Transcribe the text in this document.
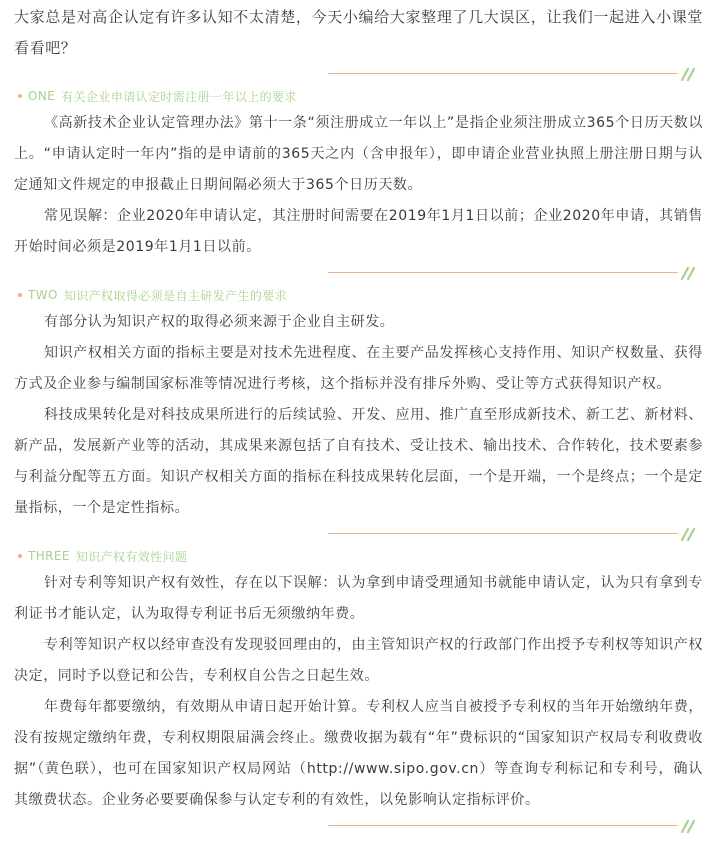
大家总是对高企认定有许多认知不太清楚，今天小编给大家整理了几大误区，让我们一起进入小课堂看看吧？

ONE 有关企业申请认定时需注册一年以上的要求

《高新技术企业认定管理办法》第十一条“须注册成立一年以上”是指企业须注册成立365个日历天数以上。“申请认定时一年内”指的是申请前的365天之内（含申报年），即申请企业营业执照上册注册日期与认定通知文件规定的申报截止日期间隔必须大于365个日历天数。

常见误解：企业2020年申请认定，其注册时间需要在2019年1月1日以前；企业2020年申请，其销售开始时间必须是2019年1月1日以前。

TWO 知识产权取得必须是自主研发产生的要求

有部分认为知识产权的取得必须来源于企业自主研发。

知识产权相关方面的指标主要是对技术先进程度、在主要产品发挥核心支持作用、知识产权数量、获得方式及企业参与编制国家标准等情况进行考核，这个指标并没有排斥外购、受让等方式获得知识产权。

科技成果转化是对科技成果所进行的后续试验、开发、应用、推广直至形成新技术、新工艺、新材料、新产品，发展新产业等的活动，其成果来源包括了自有技术、受让技术、输出技术、合作转化，技术要素参与利益分配等五方面。知识产权相关方面的指标在科技成果转化层面，一个是开端，一个是终点；一个是定量指标，一个是定性指标。

THREE 知识产权有效性问题

针对专利等知识产权有效性，存在以下误解：认为拿到申请受理通知书就能申请认定，认为只有拿到专利证书才能认定，认为取得专利证书后无须缴纳年费。

专利等知识产权以经审查没有发现驳回理由的，由主管知识产权的行政部门作出授予专利权等知识产权决定，同时予以登记和公告，专利权自公告之日起生效。

年费每年都要缴纳，有效期从申请日起开始计算。专利权人应当自被授予专利权的当年开始缴纳年费，没有按规定缴纳年费，专利权期限届满会终止。缴费收据为载有“年”费标识的“国家知识产权局专利收费收据”（黄色联），也可在国家知识产权局网站（http://www.sipo.gov.cn）等查询专利标记和专利号，确认其缴费状态。企业务必要要确保参与认定专利的有效性，以免影响认定指标评价。
